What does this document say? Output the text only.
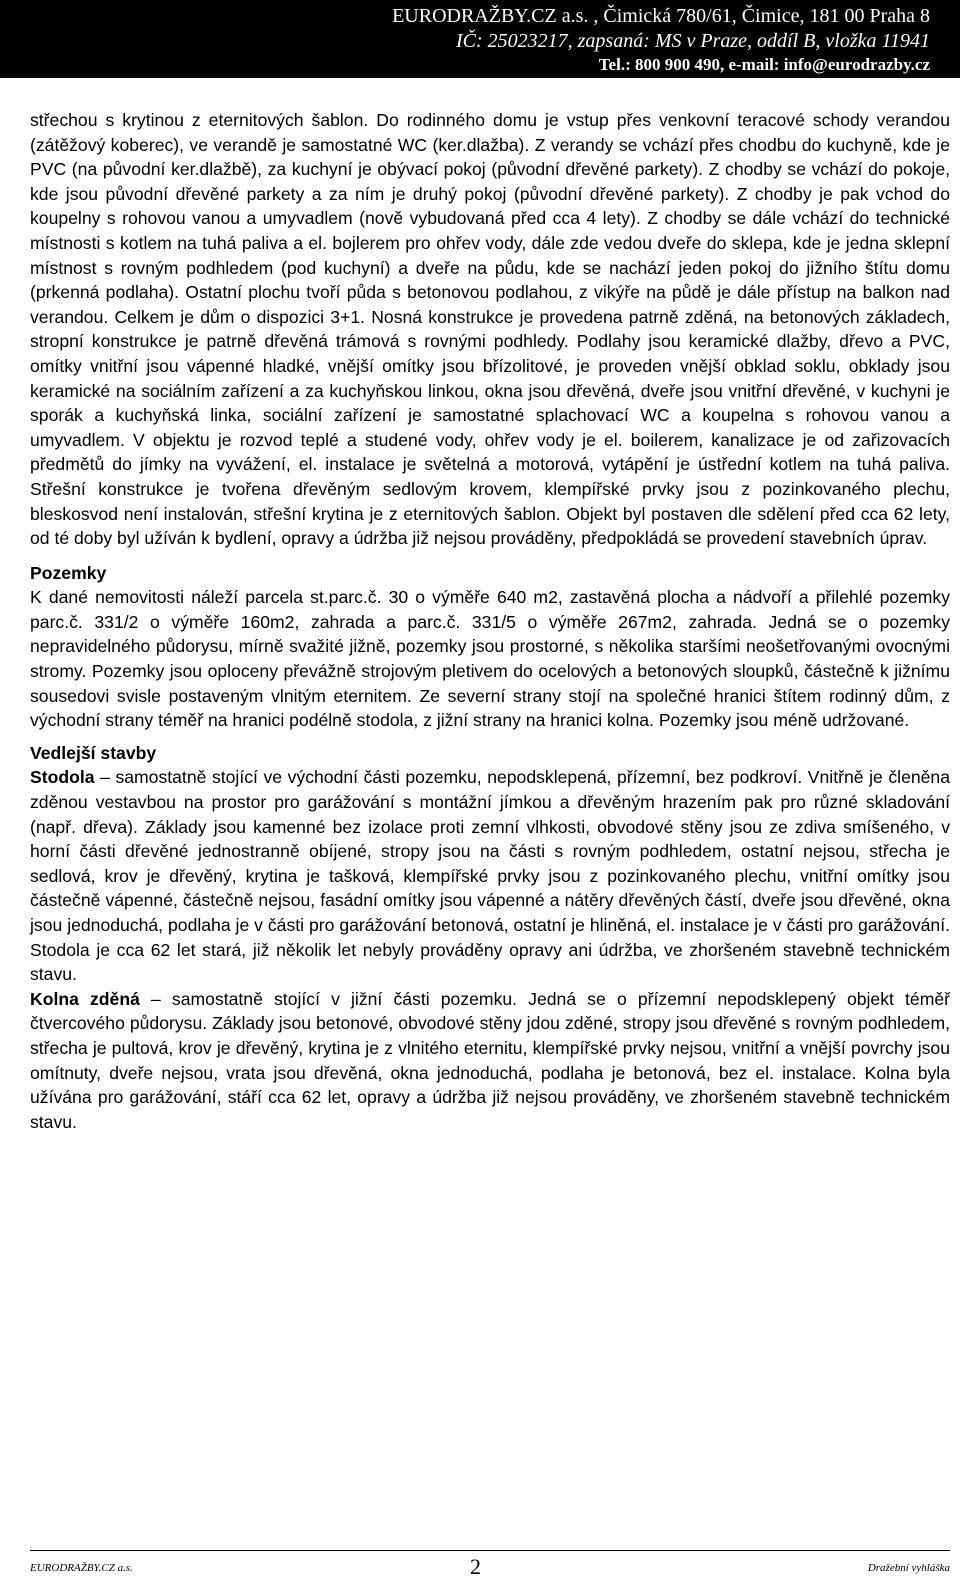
EURODRAŽBY.CZ a.s. , Čimická 780/61, Čimice, 181 00 Praha 8
IČ: 25023217, zapsaná: MS v Praze, oddíl B, vložka 11941
Tel.: 800 900 490, e-mail: info@eurodrazby.cz

střechou s krytinou z eternitových šablon. Do rodinného domu je vstup přes venkovní teracové schody verandou (zátěžový koberec), ve verandě je samostatné WC (ker.dlažba). Z verandy se vchází přes chodbu do kuchyně, kde je PVC (na původní ker.dlažbě), za kuchyní je obývací pokoj (původní dřevěné parkety). Z chodby se vchází do pokoje, kde jsou původní dřevěné parkety a za ním je druhý pokoj (původní dřevěné parkety). Z chodby je pak vchod do koupelny s rohovou vanou a umyvadlem (nově vybudovaná před cca 4 lety). Z chodby se dále vchází do technické místnosti s kotlem na tuhá paliva a el. bojlerem pro ohřev vody, dále zde vedou dveře do sklepa, kde je jedna sklepní místnost s rovným podhledem (pod kuchyní) a dveře na půdu, kde se nachází jeden pokoj do jižního štítu domu (prkenná podlaha). Ostatní plochu tvoří půda s betonovou podlahou, z vikýře na půdě je dále přístup na balkon nad verandou. Celkem je dům o dispozici 3+1. Nosná konstrukce je provedena patrně zděná, na betonových základech, stropní konstrukce je patrně dřevěná trámová s rovnými podhledy. Podlahy jsou keramické dlažby, dřevo a PVC, omítky vnitřní jsou vápenné hladké, vnější omítky jsou břízolitové, je proveden vnější obklad soklu, obklady jsou keramické na sociálním zařízení a za kuchyňskou linkou, okna jsou dřevěná, dveře jsou vnitřní dřevěné, v kuchyni je sporák a kuchyňská linka, sociální zařízení je samostatné splachovací WC a koupelna s rohovou vanou a umyvadlem. V objektu je rozvod teplé a studené vody, ohřev vody je el. boilerem, kanalizace je od zařizovacích předmětů do jímky na vyvážení, el. instalace je světelná a motorová, vytápění je ústřední kotlem na tuhá paliva. Střešní konstrukce je tvořena dřevěným sedlovým krovem, klempířské prvky jsou z pozinkovaného plechu, bleskosvod není instalován, střešní krytina je z eternitových šablon. Objekt byl postaven dle sdělení před cca 62 lety, od té doby byl užíván k bydlení, opravy a údržba již nejsou prováděny, předpokládá se provedení stavebních úprav.

Pozemky

K dané nemovitosti náleží parcela st.parc.č. 30 o výměře 640 m2, zastavěná plocha a nádvoří a přilehlé pozemky parc.č. 331/2 o výměře 160m2, zahrada a parc.č. 331/5 o výměře 267m2, zahrada. Jedná se o pozemky nepravidelného půdorysu, mírně svažité jižně, pozemky jsou prostorné, s několika staršími neošetřovanými ovocnými stromy. Pozemky jsou oploceny převážně strojovým pletivem do ocelových a betonových sloupků, částečně k jižnímu sousedovi svisle postaveným vlnitým eternitem. Ze severní strany stojí na společné hranici štítem rodinný dům, z východní strany téměř na hranici podélně stodola, z jižní strany na hranici kolna. Pozemky jsou méně udržované.

Vedlejší stavby

Stodola – samostatně stojící ve východní části pozemku, nepodsklepená, přízemní, bez podkroví. Vnitřně je členěna zděnou vestavbou na prostor pro garážování s montážní jímkou a dřevěným hrazením pak pro různé skladování (např. dřeva). Základy jsou kamenné bez izolace proti zemní vlhkosti, obvodové stěny jsou ze zdiva smíšeného, v horní části dřevěné jednostranně obíjené, stropy jsou na části s rovným podhledem, ostatní nejsou, střecha je sedlová, krov je dřevěný, krytina je tašková, klempířské prvky jsou z pozinkovaného plechu, vnitřní omítky jsou částečně vápenné, částečně nejsou, fasádní omítky jsou vápenné a nátěry dřevěných částí, dveře jsou dřevěné, okna jsou jednoduchá, podlaha je v části pro garážování betonová, ostatní je hliněná, el. instalace je v části pro garážování. Stodola je cca 62 let stará, již několik let nebyly prováděny opravy ani údržba, ve zhoršeném stavebně technickém stavu.

Kolna zděná – samostatně stojící v jižní části pozemku. Jedná se o přízemní nepodsklepený objekt téměř čtvercového půdorysu. Základy jsou betonové, obvodové stěny jdou zděné, stropy jsou dřevěné s rovným podhledem, střecha je pultová, krov je dřevěný, krytina je z vlnitého eternitu, klempířské prvky nejsou, vnitřní a vnější povrchy jsou omítnuty, dveře nejsou, vrata jsou dřevěná, okna jednoduchá, podlaha je betonová, bez el. instalace. Kolna byla užívána pro garážování, stáří cca 62 let, opravy a údržba již nejsou prováděny, ve zhoršeném stavebně technickém stavu.

EURODRAŽBY.CZ a.s.	2	Dražební vyhláška
